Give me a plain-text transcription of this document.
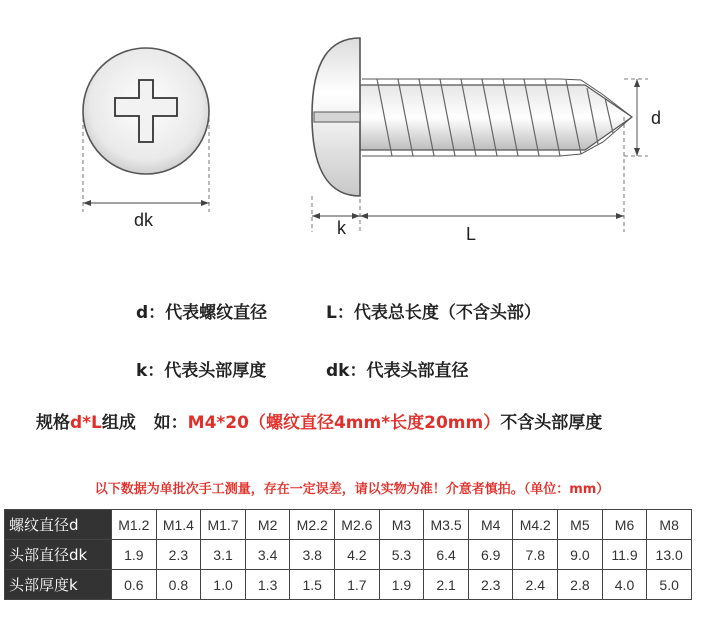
dk
d
k	L
d：代表螺纹直径	L：代表总长度（不含头部）
k：代表头部厚度	dk：代表头部直径
规格d*L组成   如：M4*20（螺纹直径4mm*长度20mm）不含头部厚度
以下数据为单批次手工测量，存在一定误差，请以实物为准！介意者慎拍。（单位：mm）
螺纹直径d	M1.2	M1.4	M1.7	M2	M2.2	M2.6	M3	M3.5	M4	M4.2	M5	M6	M8
头部直径dk	1.9	2.3	3.1	3.4	3.8	4.2	5.3	6.4	6.9	7.8	9.0	11.9	13.0
头部厚度k	0.6	0.8	1.0	1.3	1.5	1.7	1.9	2.1	2.3	2.4	2.8	4.0	5.0
